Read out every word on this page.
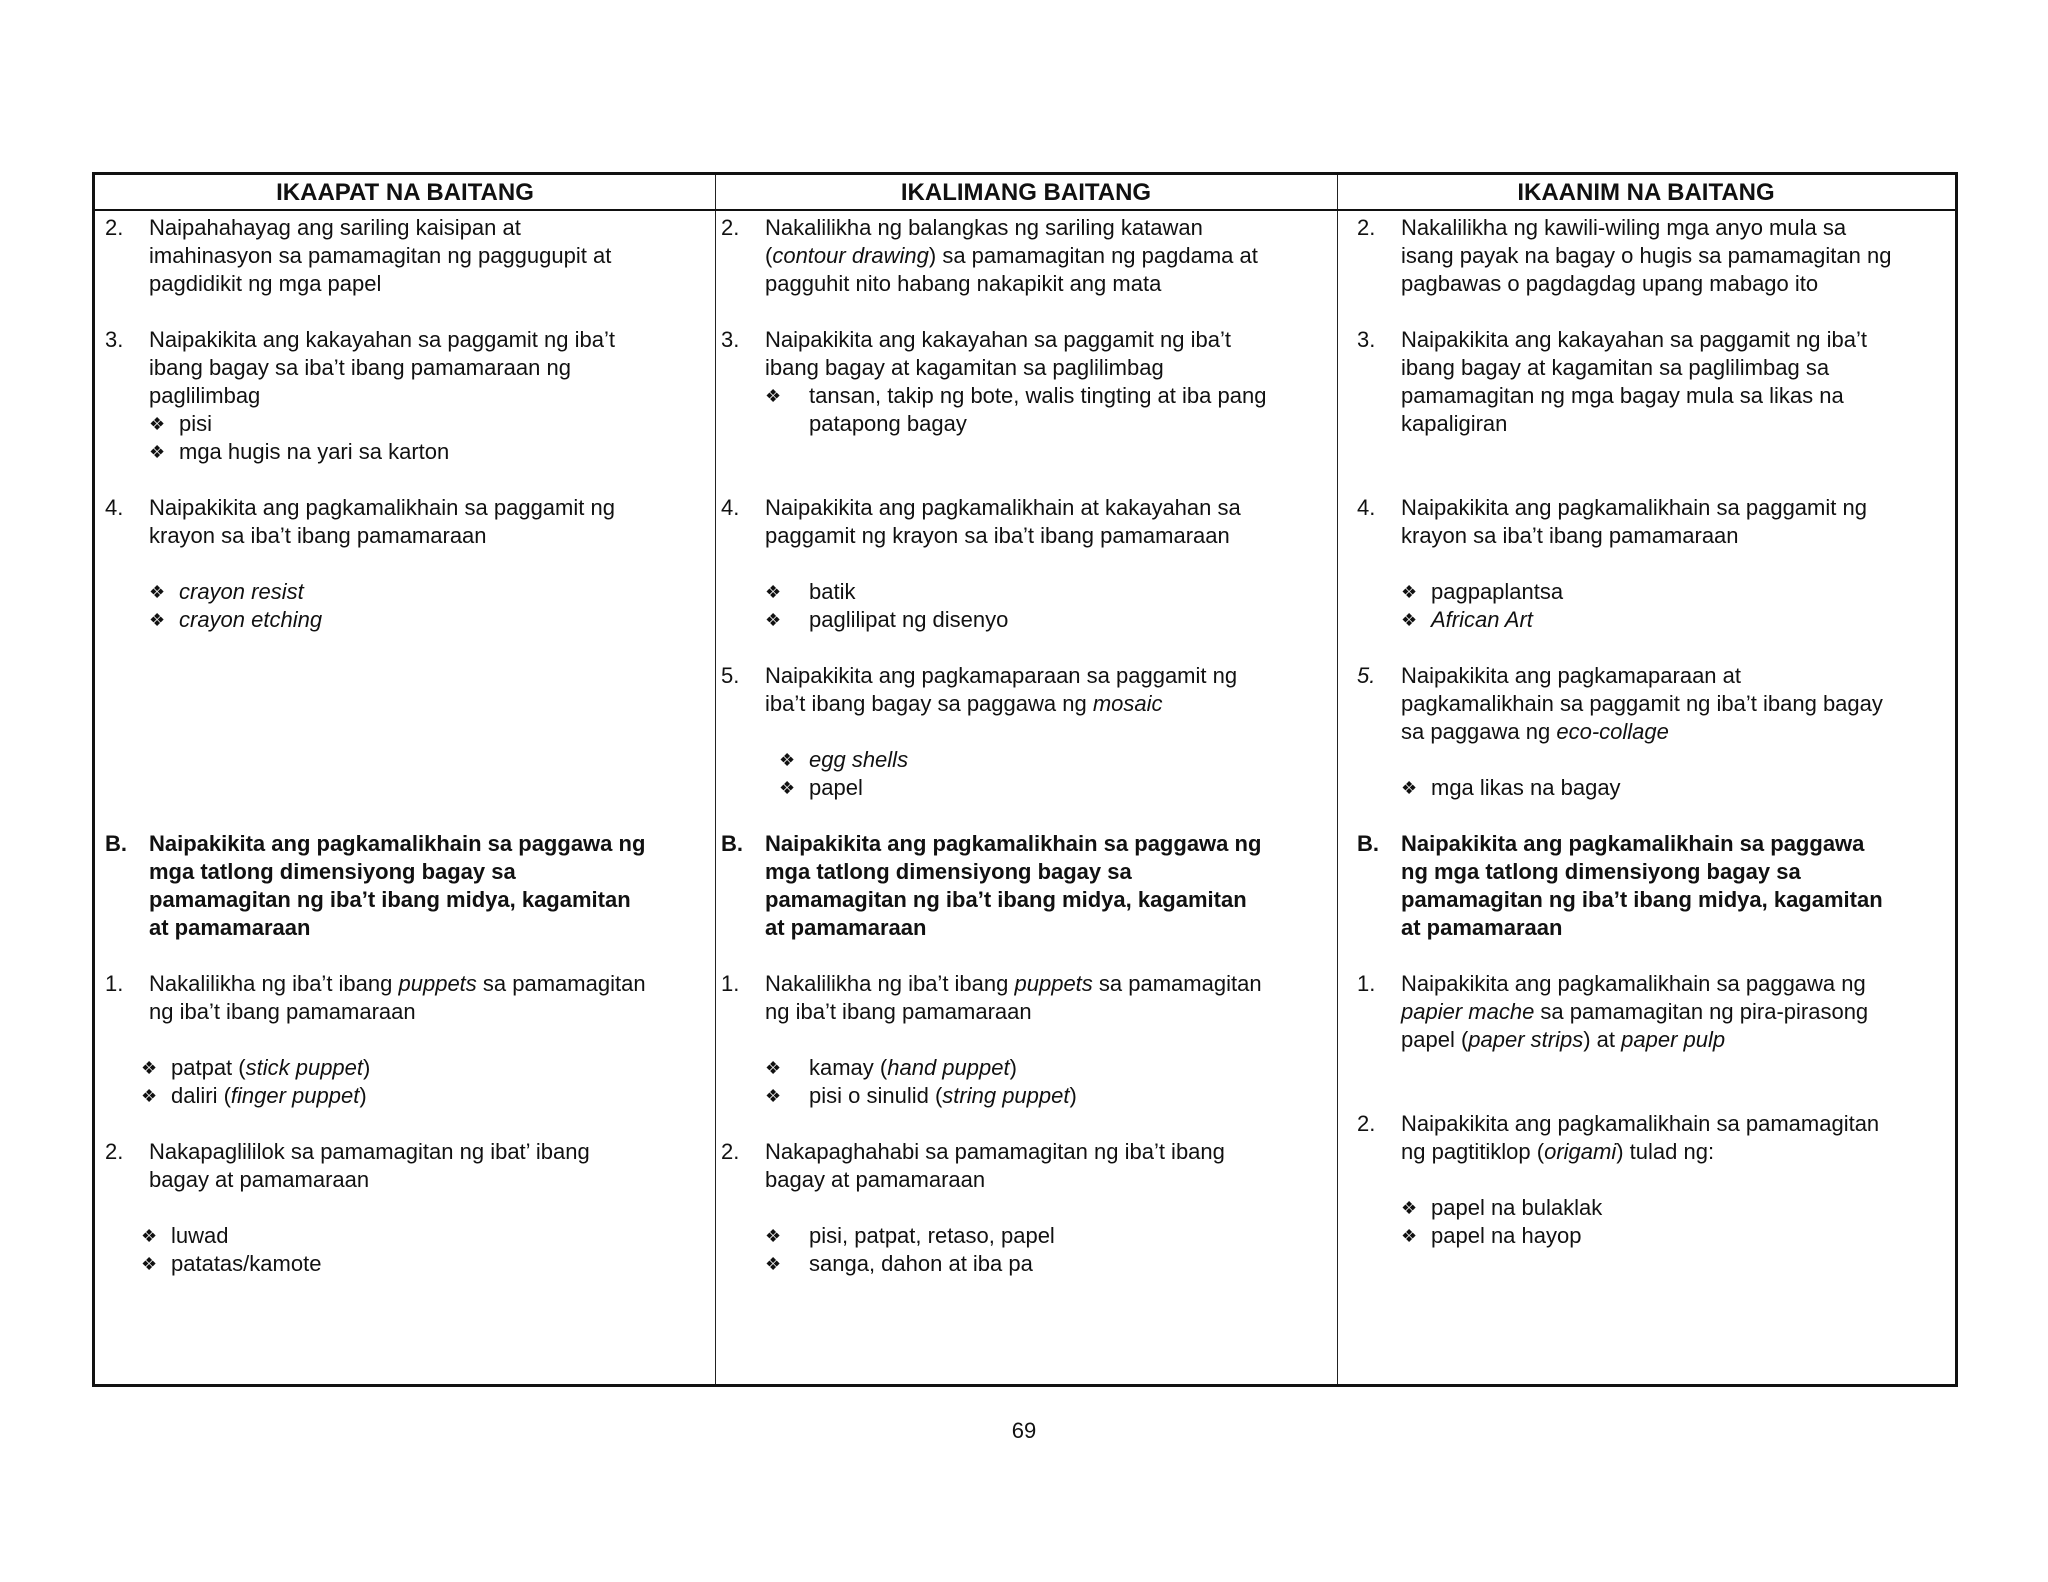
IKAAPAT NA BAITANG
2.	Naipahahayag ang sariling kaisipan at
imahinasyon sa pamamagitan ng paggugupit at
pagdidikit ng mga papel
3.	Naipakikita ang kakayahan sa paggamit ng iba’t
ibang bagay sa iba’t ibang pamamaraan ng
paglilimbag
❖ pisi
❖ mga hugis na yari sa karton
4.	Naipakikita ang pagkamalikhain sa paggamit ng
krayon sa iba’t ibang pamamaraan
❖ crayon resist
❖ crayon etching
B.	Naipakikita ang pagkamalikhain sa paggawa ng
mga tatlong dimensiyong bagay sa
pamamagitan ng iba’t ibang midya, kagamitan
at pamamaraan
1.	Nakalilikha ng iba’t ibang puppets sa pamamagitan
ng iba’t ibang pamamaraan
❖ patpat (stick puppet)
❖ daliri (finger puppet)
2.	Nakapaglililok sa pamamagitan ng ibat’ ibang
bagay at pamamaraan
❖ luwad
❖ patatas/kamote
IKALIMANG BAITANG
2.	Nakalilikha ng balangkas ng sariling katawan
(contour drawing) sa pamamagitan ng pagdama at
pagguhit nito habang nakapikit ang mata
3.	Naipakikita ang kakayahan sa paggamit ng iba’t
ibang bagay at kagamitan sa paglilimbag
❖	tansan, takip ng bote, walis tingting at iba pang
patapong bagay
4.	Naipakikita ang pagkamalikhain at kakayahan sa
paggamit ng krayon sa iba’t ibang pamamaraan
❖	batik
❖	paglilipat ng disenyo
5.	Naipakikita ang pagkamaparaan sa paggamit ng
iba’t ibang bagay sa paggawa ng mosaic
❖ egg shells
❖ papel
B.	Naipakikita ang pagkamalikhain sa paggawa ng
mga tatlong dimensiyong bagay sa
pamamagitan ng iba’t ibang midya, kagamitan
at pamamaraan
1.	Nakalilikha ng iba’t ibang puppets sa pamamagitan
ng iba’t ibang pamamaraan
❖	kamay (hand puppet)
❖	pisi o sinulid (string puppet)
2.	Nakapaghahabi sa pamamagitan ng iba’t ibang
bagay at pamamaraan
❖	pisi, patpat, retaso, papel
❖	sanga, dahon at iba pa
IKAANIM NA BAITANG
2.	Nakalilikha ng kawili-wiling mga anyo mula sa
isang payak na bagay o hugis sa pamamagitan ng
pagbawas o pagdagdag upang mabago ito
3.	Naipakikita ang kakayahan sa paggamit ng iba’t
ibang bagay at kagamitan sa paglilimbag sa
pamamagitan ng mga bagay mula sa likas na
kapaligiran
4.	Naipakikita ang pagkamalikhain sa paggamit ng
krayon sa iba’t ibang pamamaraan
❖ pagpaplantsa
❖ African Art
5.	Naipakikita ang pagkamaparaan at
pagkamalikhain sa paggamit ng iba’t ibang bagay
sa paggawa ng eco-collage
❖ mga likas na bagay
B.	Naipakikita ang pagkamalikhain sa paggawa
ng mga tatlong dimensiyong bagay sa
pamamagitan ng iba’t ibang midya, kagamitan
at pamamaraan
1.	Naipakikita ang pagkamalikhain sa paggawa ng
papier mache sa pamamagitan ng pira-pirasong
papel (paper strips) at paper pulp
2.	Naipakikita ang pagkamalikhain sa pamamagitan
ng pagtitiklop (origami) tulad ng:
❖ papel na bulaklak
❖ papel na hayop
69
